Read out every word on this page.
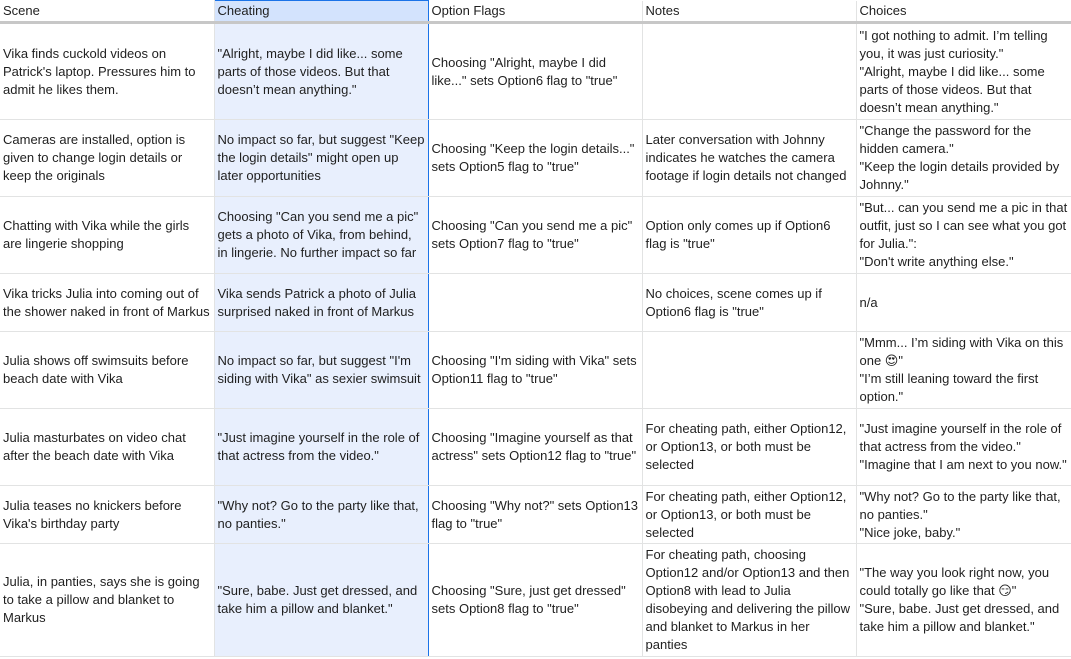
Scene	Cheating	Option Flags	Notes	Choices
Vika finds cuckold videos on Patrick's laptop. Pressures him to admit he likes them.	"Alright, maybe I did like... some parts of those videos. But that doesn’t mean anything."	Choosing "Alright, maybe I did like..." sets Option6 flag to "true"		"I got nothing to admit. I’m telling you, it was just curiosity."
"Alright, maybe I did like... some parts of those videos. But that doesn’t mean anything."
Cameras are installed, option is given to change login details or keep the originals	No impact so far, but suggest "Keep the login details" might open up later opportunities	Choosing "Keep the login details..." sets Option5 flag to "true"	Later conversation with Johnny indicates he watches the camera footage if login details not changed	"Change the password for the hidden camera."
"Keep the login details provided by Johnny."
Chatting with Vika while the girls are lingerie shopping	Choosing "Can you send me a pic" gets a photo of Vika, from behind, in lingerie. No further impact so far	Choosing "Can you send me a pic" sets Option7 flag to "true"	Option only comes up if Option6 flag is "true"	"But... can you send me a pic in that outfit, just so I can see what you got for Julia.":
"Don't write anything else."
Vika tricks Julia into coming out of the shower naked in front of Markus	Vika sends Patrick a photo of Julia surprised naked in front of Markus		No choices, scene comes up if Option6 flag is "true"	n/a
Julia shows off swimsuits before beach date with Vika	No impact so far, but suggest "I'm siding with Vika" as sexier swimsuit	Choosing "I'm siding with Vika" sets Option11 flag to "true"		"Mmm... I’m siding with Vika on this one 😍"
"I’m still leaning toward the first option."
Julia masturbates on video chat after the beach date with Vika	"Just imagine yourself in the role of that actress from the video."	Choosing "Imagine yourself as that actress" sets Option12 flag to "true"	For cheating path, either Option12, or Option13, or both must be selected	"Just imagine yourself in the role of that actress from the video."
"Imagine that I am next to you now."
Julia teases no knickers before Vika's birthday party	"Why not? Go to the party like that, no panties."	Choosing "Why not?" sets Option13 flag to "true"	For cheating path, either Option12, or Option13, or both must be selected	"Why not? Go to the party like that, no panties."
"Nice joke, baby."
Julia, in panties, says she is going to take a pillow and blanket to Markus	"Sure, babe. Just get dressed, and take him a pillow and blanket."	Choosing "Sure, just get dressed" sets Option8 flag to "true"	For cheating path, choosing Option12 and/or Option13 and then Option8 with lead to Julia disobeying and delivering the pillow and blanket to Markus in her panties	"The way you look right now, you could totally go like that 😏"
"Sure, babe. Just get dressed, and take him a pillow and blanket."
